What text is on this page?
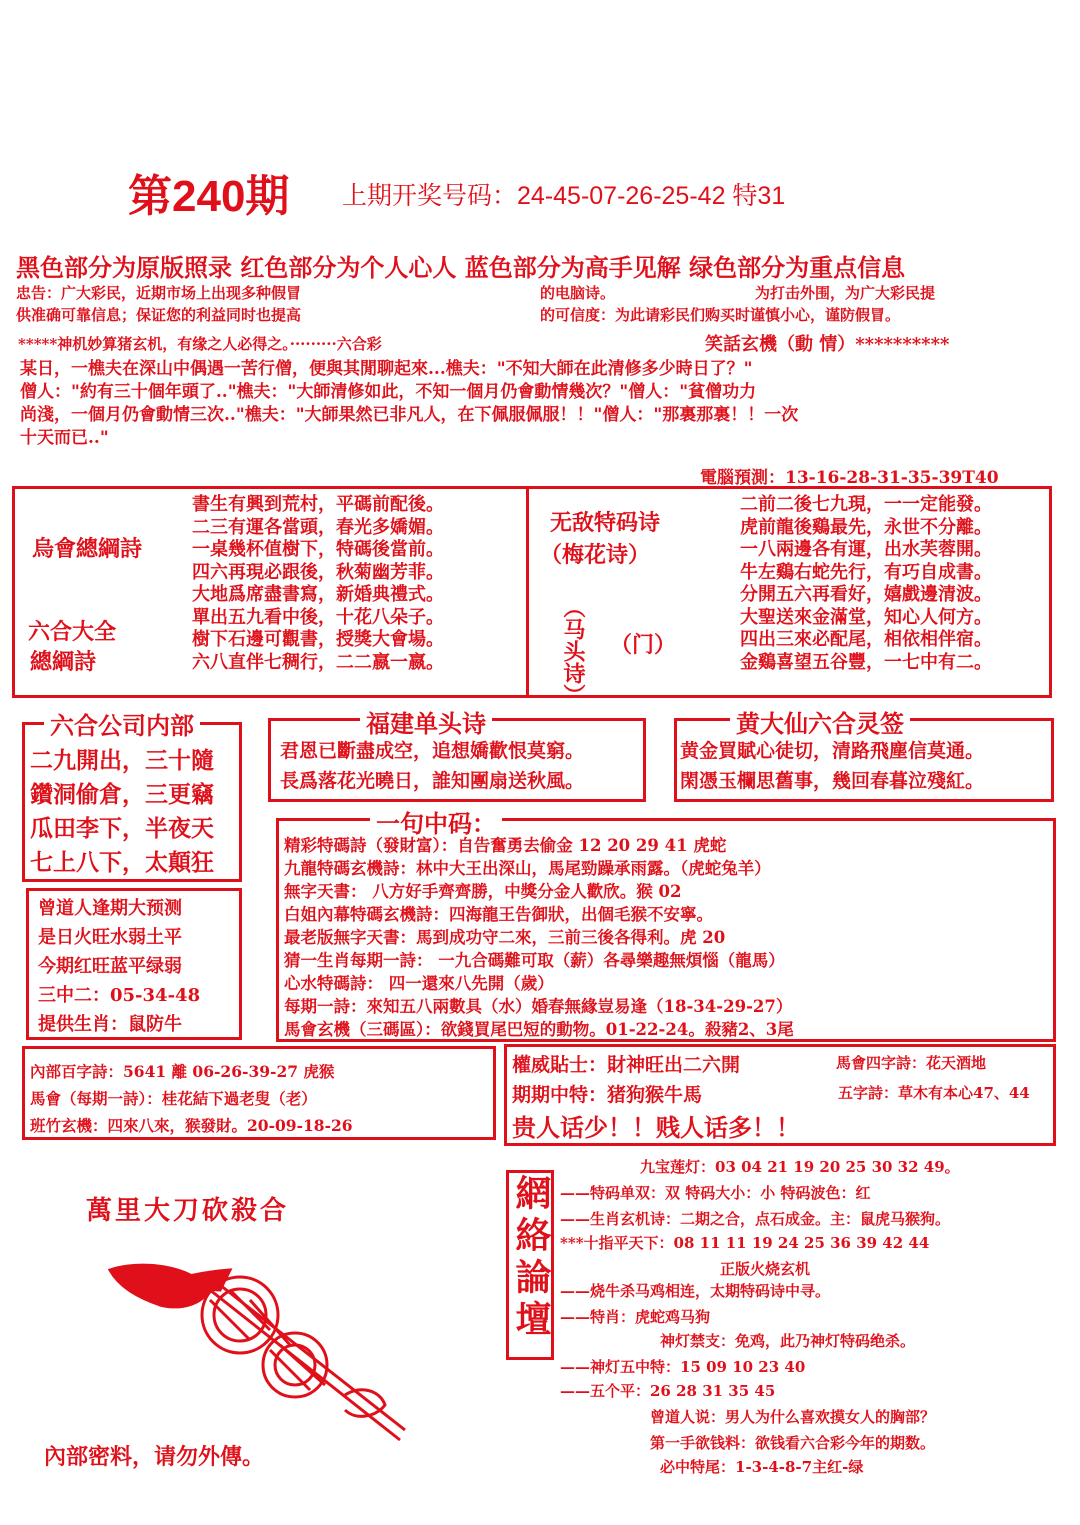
第240期 上期开奖号码：24-45-07-26-25-42 特31
黑色部分为原版照录 红色部分为个人心人 蓝色部分为高手见解 绿色部分为重点信息
忠告：广大彩民，近期市场上出现多种假冒	的电脑诗。	为打击外围，为广大彩民提
供准确可靠信息；保证您的利益同时也提高	的可信度：为此请彩民们购买时谨慎小心，谨防假冒。
*****神机妙算猪玄机，有缘之人必得之。·········六合彩	笑話玄機（動 情）**********
某日，一樵夫在深山中偶遇一苦行僧，便與其閒聊起來...樵夫："不知大師在此清修多少時日了？"
僧人："約有三十個年頭了.."樵夫："大師清修如此，不知一個月仍會動情幾次？"僧人："貧僧功力
尚淺，一個月仍會動情三次.."樵夫："大師果然已非凡人，在下佩服佩服！！"僧人："那裏那裏！！一次
十天而已.."
電腦預測：13-16-28-31-35-39T40
烏會總綱詩
六合大全
總綱詩
書生有興到荒村，平碼前配後。
二三有運各當頭，春光多嬌媚。
一桌幾杯值樹下，特碼後當前。
四六再現必跟後，秋菊幽芳菲。
大地爲席盡書寫，新婚典禮式。
單出五九看中後，十花八朵子。
樹下石邊可觀書，授獎大會場。
六八直伴七稠行，二二嬴一嬴。
无敌特码诗
（梅花诗）
（马头诗） （门）
二前二後七九現，一一定能發。
虎前龍後鷄最先，永世不分離。
一八兩邊各有運，出水芙蓉開。
牛左鷄右蛇先行，有巧自成書。
分開五六再看好，嬉戲邊清波。
大聖送來金滿堂，知心人何方。
四出三來必配尾，相依相伴宿。
金鷄喜望五谷豐，一七中有二。
六合公司内部
二九開出，三十隨
鑽洞偷倉，三更竊
瓜田李下，半夜天
七上八下，太顛狂
福建单头诗
君恩已斷盡成空，追想嬌歡恨莫窮。
長爲落花光曉日，誰知團扇送秋風。
黄大仙六合灵签
黄金買賦心徒切，清路飛塵信莫通。
閑憑玉欄思舊事，幾回春暮泣殘紅。
曾道人逢期大预测
是日火旺水弱土平
今期红旺蓝平绿弱
三中二：05-34-48
提供生肖：鼠防牛
一句中码：
精彩特碼詩（發財富）：自告奮勇去偷金 12 20 29 41 虎蛇
九龍特碼玄機詩：林中大王出深山，馬尾勁躁承雨露。（虎蛇兔羊）
無字天書： 八方好手齊齊勝，中獎分金人歡欣。猴 02
白姐內幕特碼玄機詩：四海龍王告御狀，出個毛猴不安寧。
最老版無字天書：馬到成功守二來，三前三後各得利。虎 20
猜一生肖每期一詩： 一九合碼難可取（薪）各尋樂趣無煩惱（龍馬）
心水特碼詩： 四一還來八先開（歲）
每期一詩：來知五八兩數具（水）婚春無緣豈易逢（18-34-29-27）
馬會玄機（三碼區）：欲錢買尾巴短的動物。01-22-24。殺豬2、3尾
內部百字詩：5641 離 06-26-39-27 虎猴
馬會（每期一詩）：桂花結下過老叟（老）
班竹玄機：四來八來，猴發財。20-09-18-26
權威貼士：財神旺出二六開	馬會四字詩：花天酒地
期期中特：猪狗猴牛馬	五字詩：草木有本心47、44
贵人话少！！贱人话多！！
網絡論壇
九宝莲灯：03 04 21 19 20 25 30 32 49。
——特码单双：双 特码大小：小 特码波色：红
——生肖玄机诗：二期之合，点石成金。主：鼠虎马猴狗。
***十指平天下：08 11 11 19 24 25 36 39 42 44
正版火烧玄机
——烧牛杀马鸡相连，太期特码诗中寻。
——特肖：虎蛇鸡马狗
神灯禁支：免鸡，此乃神灯特码绝杀。
——神灯五中特：15 09 10 23 40
——五个平：26 28 31 35 45
曾道人说：男人为什么喜欢摸女人的胸部？
第一手欲钱料：欲钱看六合彩今年的期数。
必中特尾：1-3-4-8-7主红-绿
萬里大刀砍殺合
內部密料，请勿外傳。
